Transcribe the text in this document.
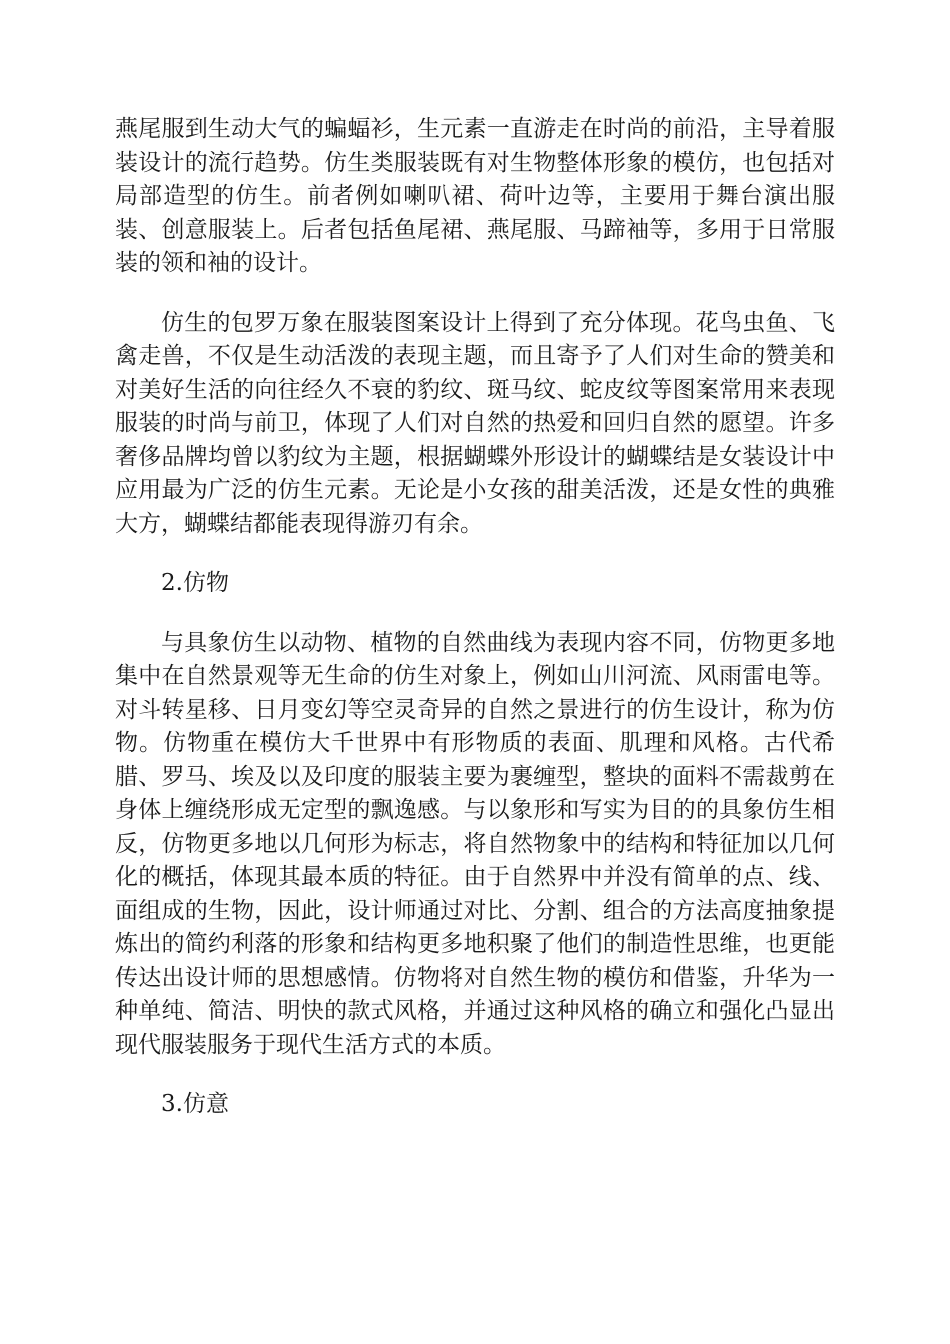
燕尾服到生动大气的蝙蝠衫，生元素一直游走在时尚的前沿，主导着服装设计的流行趋势。仿生类服装既有对生物整体形象的模仿，也包括对局部造型的仿生。前者例如喇叭裙、荷叶边等，主要用于舞台演出服装、创意服装上。后者包括鱼尾裙、燕尾服、马蹄袖等，多用于日常服装的领和袖的设计。

仿生的包罗万象在服装图案设计上得到了充分体现。花鸟虫鱼、飞禽走兽，不仅是生动活泼的表现主题，而且寄予了人们对生命的赞美和对美好生活的向往经久不衰的豹纹、斑马纹、蛇皮纹等图案常用来表现服装的时尚与前卫，体现了人们对自然的热爱和回归自然的愿望。许多奢侈品牌均曾以豹纹为主题，根据蝴蝶外形设计的蝴蝶结是女装设计中应用最为广泛的仿生元素。无论是小女孩的甜美活泼，还是女性的典雅大方，蝴蝶结都能表现得游刃有余。

2.仿物

与具象仿生以动物、植物的自然曲线为表现内容不同，仿物更多地集中在自然景观等无生命的仿生对象上，例如山川河流、风雨雷电等。对斗转星移、日月变幻等空灵奇异的自然之景进行的仿生设计，称为仿物。仿物重在模仿大千世界中有形物质的表面、肌理和风格。古代希腊、罗马、埃及以及印度的服装主要为裹缠型，整块的面料不需裁剪在身体上缠绕形成无定型的飘逸感。与以象形和写实为目的的具象仿生相反，仿物更多地以几何形为标志，将自然物象中的结构和特征加以几何化的概括，体现其最本质的特征。由于自然界中并没有简单的点、线、面组成的生物，因此，设计师通过对比、分割、组合的方法高度抽象提炼出的简约利落的形象和结构更多地积聚了他们的制造性思维，也更能传达出设计师的思想感情。仿物将对自然生物的模仿和借鉴，升华为一种单纯、简洁、明快的款式风格，并通过这种风格的确立和强化凸显出现代服装服务于现代生活方式的本质。

3.仿意
